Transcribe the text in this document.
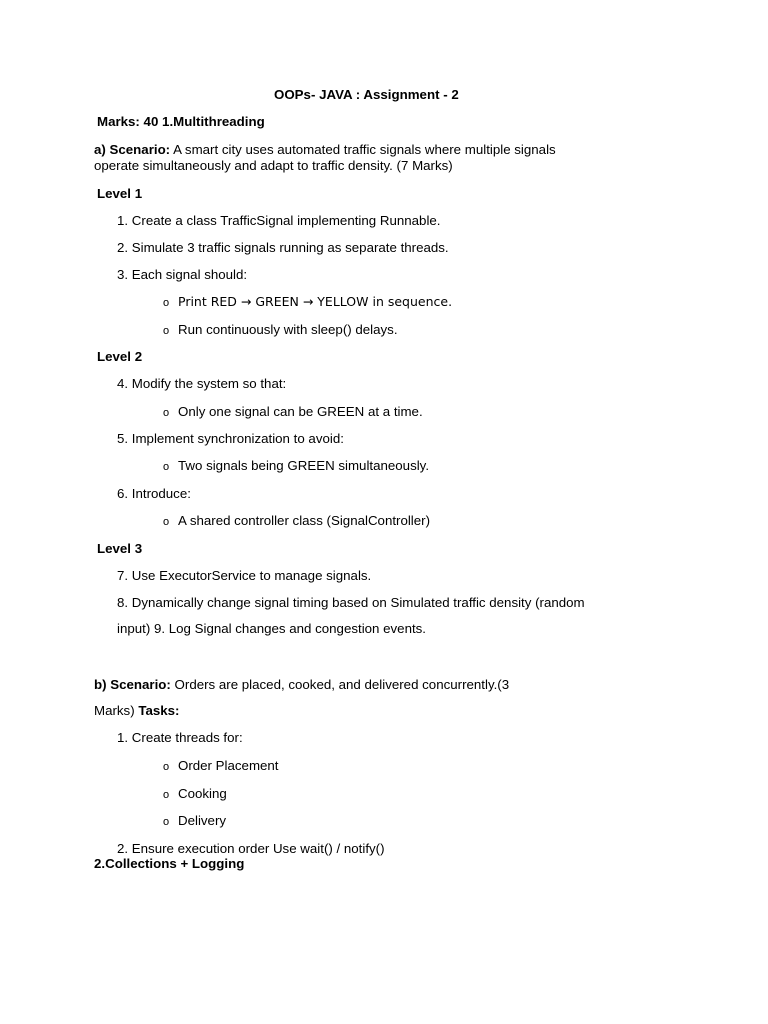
OOPs- JAVA : Assignment - 2
Marks: 40 1.Multithreading
a) Scenario: A smart city uses automated traffic signals where multiple signals
operate simultaneously and adapt to traffic density. (7 Marks)
Level 1
1. Create a class TrafficSignal implementing Runnable.
2. Simulate 3 traffic signals running as separate threads.
3. Each signal should:
o Print RED → GREEN → YELLOW in sequence.
o Run continuously with sleep() delays.
Level 2
4. Modify the system so that:
o Only one signal can be GREEN at a time.
5. Implement synchronization to avoid:
o Two signals being GREEN simultaneously.
6. Introduce:
o A shared controller class (SignalController)
Level 3
7. Use ExecutorService to manage signals.
8. Dynamically change signal timing based on Simulated traffic density (random
input) 9. Log Signal changes and congestion events.
b) Scenario: Orders are placed, cooked, and delivered concurrently.(3
Marks) Tasks:
1. Create threads for:
o Order Placement
o Cooking
o Delivery
2. Ensure execution order Use wait() / notify()
2.Collections + Logging
